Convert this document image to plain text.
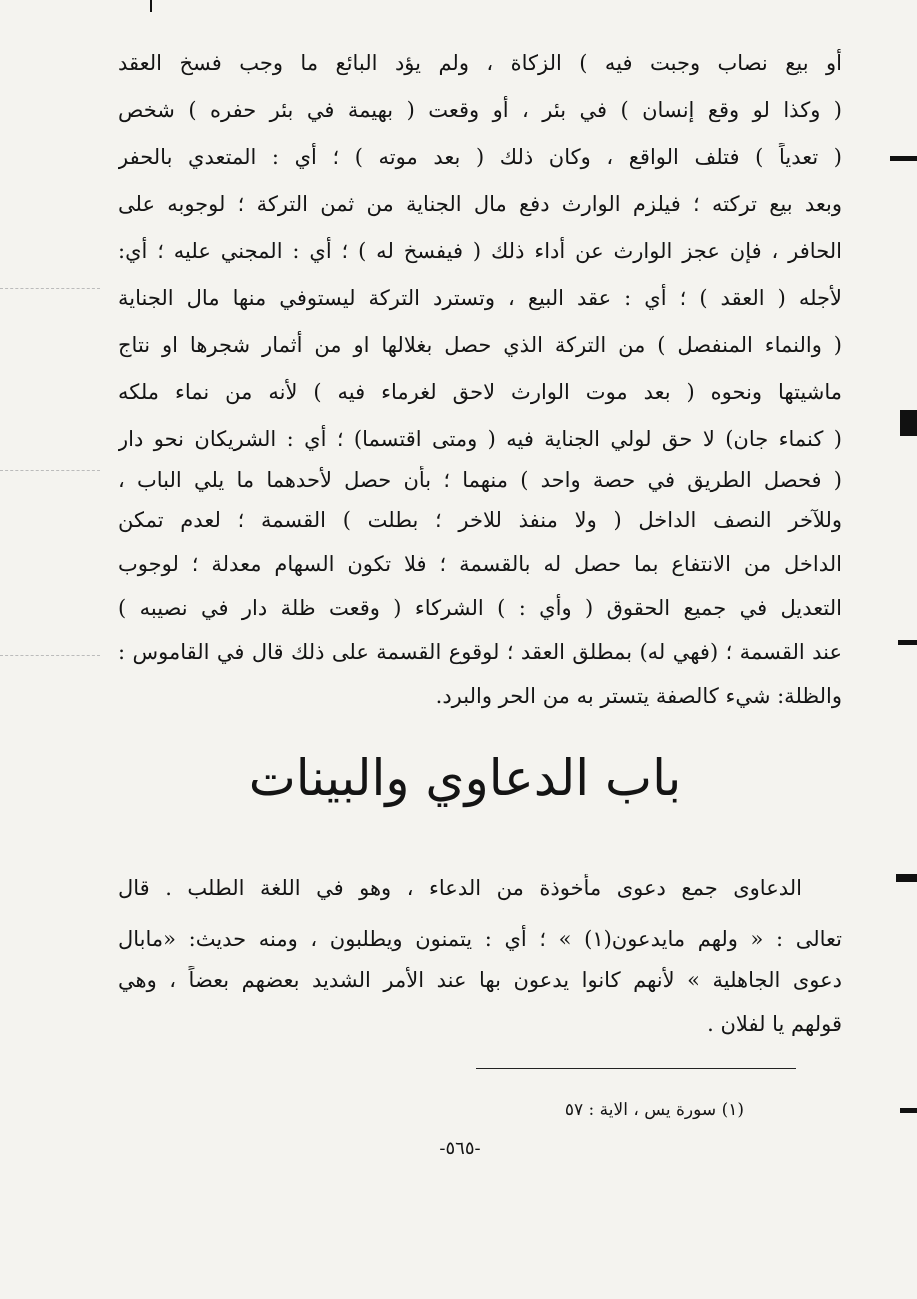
أو بيع نصاب وجبت فيه ) الزكاة ، ولم يؤد البائع ما وجب فسخ العقد
( وكذا لو وقع إنسان ) في بئر ، أو وقعت ( بهيمة في بئر حفره ) شخص
( تعدياً ) فتلف الواقع ، وكان ذلك ( بعد موته ) ؛ أي : المتعدي بالحفر
وبعد بيع تركته ؛ فيلزم الوارث دفع مال الجناية من ثمن التركة ؛ لوجوبه على
الحافر ، فإن عجز الوارث عن أداء ذلك ( فيفسخ له ) ؛ أي : المجني عليه ؛ أي:
لأجله ( العقد ) ؛ أي : عقد البيع ، وتسترد التركة ليستوفي منها مال الجناية
( والنماء المنفصل ) من التركة الذي حصل بغلالها او من أثمار شجرها او نتاج
ماشيتها ونحوه ( بعد موت الوارث لاحق لغرماء فيه ) لأنه من نماء ملكه
( كنماء جان) لا حق لولي الجناية فيه ( ومتى اقتسما) ؛ أي : الشريكان نحو دار
( فحصل الطريق في حصة واحد ) منهما ؛ بأن حصل لأحدهما ما يلي الباب ،
وللآخر النصف الداخل ( ولا منفذ للاخر ؛ بطلت ) القسمة ؛ لعدم تمكن
الداخل من الانتفاع بما حصل له بالقسمة ؛ فلا تكون السهام معدلة ؛ لوجوب
التعديل في جميع الحقوق ( وأي : ) الشركاء ( وقعت ظلة دار في نصيبه )
عند القسمة ؛ (فهي له) بمطلق العقد ؛ لوقوع القسمة على ذلك قال في القاموس :
والظلة: شيء كالصفة يتستر به من الحر والبرد.
باب الدعاوي والبينات
الدعاوى جمع دعوى مأخوذة من الدعاء ، وهو في اللغة الطلب . قال
تعالى : « ولهم مايدعون(١) » ؛ أي : يتمنون ويطلبون ، ومنه حديث: «مابال
دعوى الجاهلية » لأنهم كانوا يدعون بها عند الأمر الشديد بعضهم بعضاً ، وهي
قولهم يا لفلان .
(١) سورة يس ، الاية : ٥٧
-٥٦٥-
